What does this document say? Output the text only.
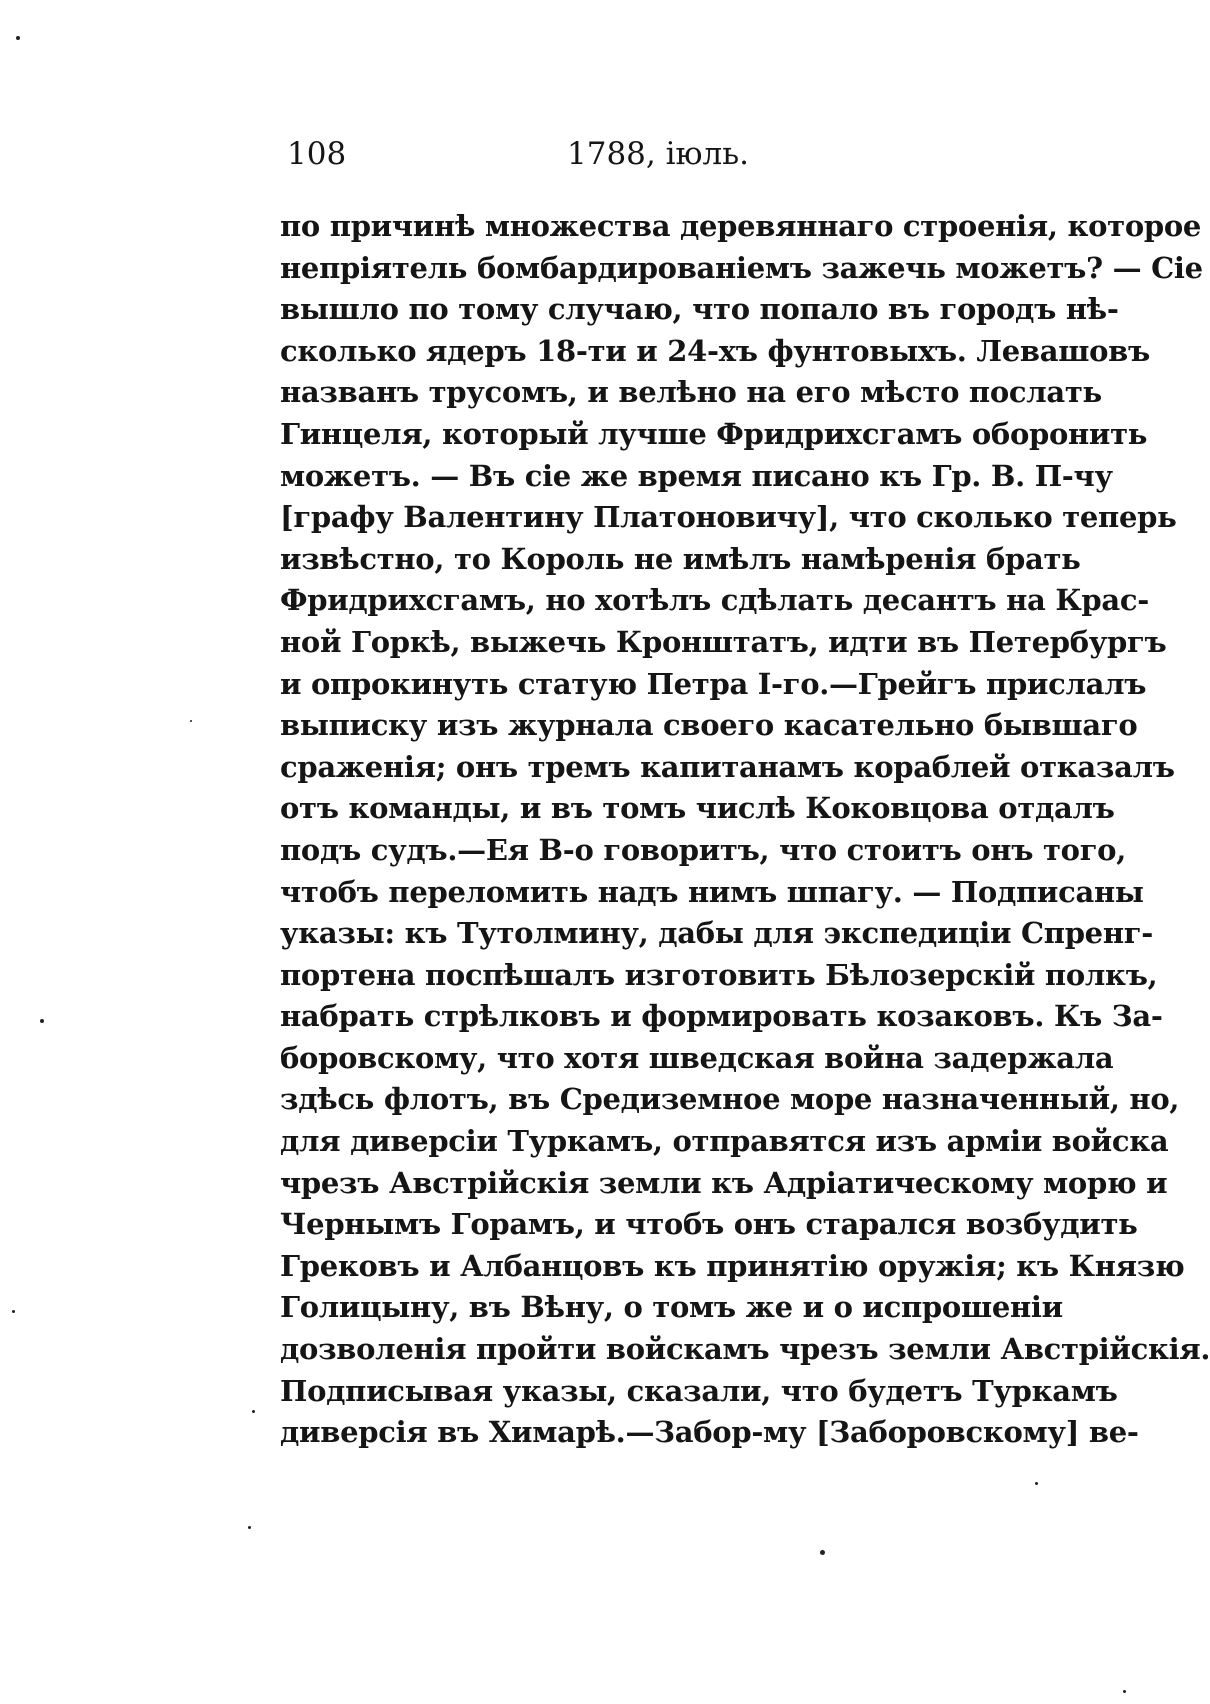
108	1788, іюль.
по причинѣ множества деревяннаго строенія, которое
непріятель бомбардированіемъ зажечь можетъ? — Сіе
вышло по тому случаю, что попало въ городъ нѣ-
сколько ядеръ 18-ти и 24-хъ фунтовыхъ. Левашовъ
названъ трусомъ, и велѣно на его мѣсто послать
Гинцеля, который лучше Фридрихсгамъ оборонить
можетъ. — Въ сіе же время писано къ Гр. В. П-чу
[графу Валентину Платоновичу], что сколько теперь
извѣстно, то Король не имѣлъ намѣренія брать
Фридрихсгамъ, но хотѣлъ сдѣлать десантъ на Крас-
ной Горкѣ, выжечь Кронштатъ, идти въ Петербургъ
и опрокинуть статую Петра I-го.—Грейгъ прислалъ
выписку изъ журнала своего касательно бывшаго
сраженія; онъ тремъ капитанамъ кораблей отказалъ
отъ команды, и въ томъ числѣ Коковцова отдалъ
подъ судъ.—Ея В-о говоритъ, что стоитъ онъ того,
чтобъ переломить надъ нимъ шпагу. — Подписаны
указы: къ Тутолмину, дабы для экспедиціи Спренг-
портена поспѣшалъ изготовить Бѣлозерскій полкъ,
набрать стрѣлковъ и формировать козаковъ. Къ За-
боровскому, что хотя шведская война задержала
здѣсь флотъ, въ Средиземное море назначенный, но,
для диверсіи Туркамъ, отправятся изъ арміи войска
чрезъ Австрійскія земли къ Адріатическому морю и
Чернымъ Горамъ, и чтобъ онъ старался возбудить
Грековъ и Албанцовъ къ принятію оружія; къ Князю
Голицыну, въ Вѣну, о томъ же и о испрошеніи
дозволенія пройти войскамъ чрезъ земли Австрійскія.
Подписывая указы, сказали, что будетъ Туркамъ
диверсія въ Химарѣ.—Забор-му [Заборовскому] ве-
